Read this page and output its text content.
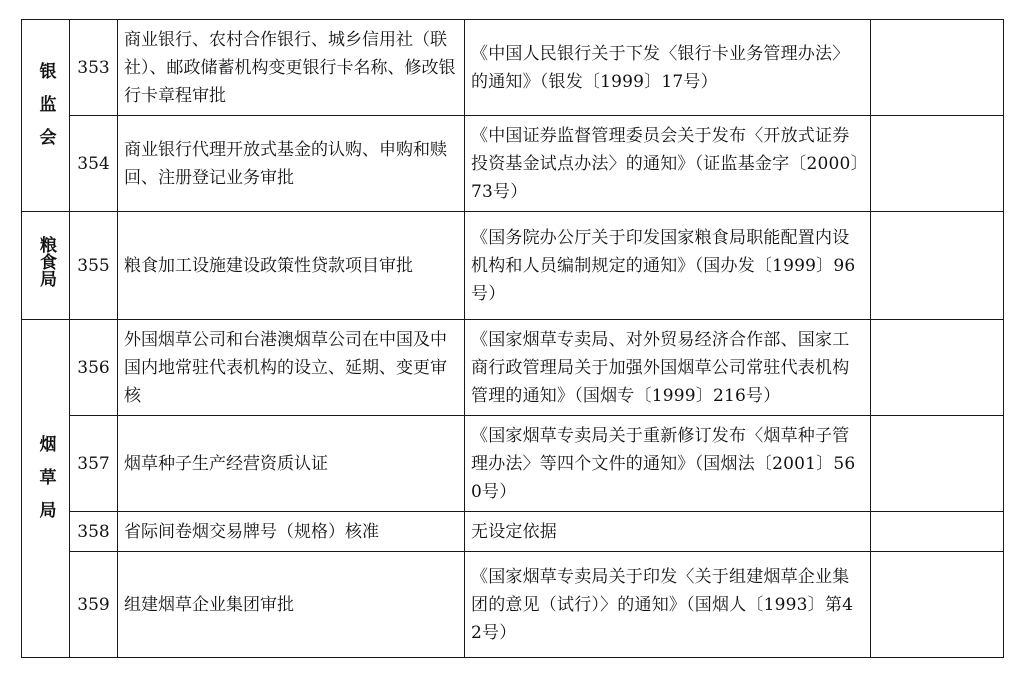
银监会	353	商业银行、农村合作银行、城乡信用社（联社）、邮政储蓄机构变更银行卡名称、修改银行卡章程审批	《中国人民银行关于下发〈银行卡业务管理办法〉的通知》（银发〔1999〕17号）	
	354	商业银行代理开放式基金的认购、申购和赎回、注册登记业务审批	《中国证券监督管理委员会关于发布〈开放式证券投资基金试点办法〉的通知》（证监基金字〔2000〕73号）	
粮食局	355	粮食加工设施建设政策性贷款项目审批	《国务院办公厅关于印发国家粮食局职能配置内设机构和人员编制规定的通知》（国办发〔1999〕96号）	
烟草局	356	外国烟草公司和台港澳烟草公司在中国及中国内地常驻代表机构的设立、延期、变更审核	《国家烟草专卖局、对外贸易经济合作部、国家工商行政管理局关于加强外国烟草公司常驻代表机构管理的通知》（国烟专〔1999〕216号）	
	357	烟草种子生产经营资质认证	《国家烟草专卖局关于重新修订发布〈烟草种子管理办法〉等四个文件的通知》（国烟法〔2001〕560号）	
	358	省际间卷烟交易牌号（规格）核准	无设定依据	
	359	组建烟草企业集团审批	《国家烟草专卖局关于印发〈关于组建烟草企业集团的意见（试行）〉的通知》（国烟人〔1993〕第42号）	
